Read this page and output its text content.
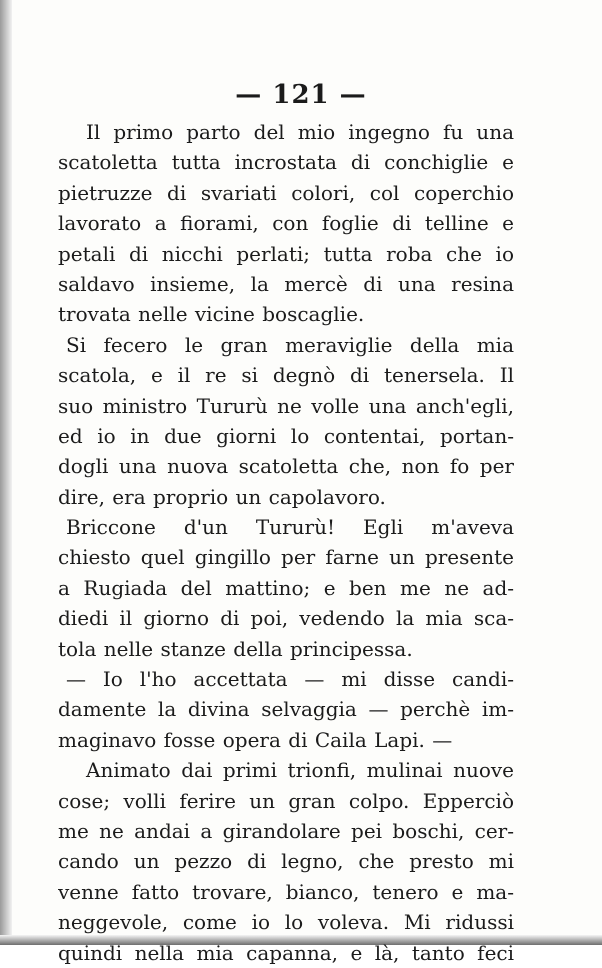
— 121 —
Il primo parto del mio ingegno fu una
scatoletta tutta incrostata di conchiglie e
pietruzze di svariati colori, col coperchio
lavorato a fiorami, con foglie di telline e
petali di nicchi perlati; tutta roba che io
saldavo insieme, la mercè di una resina
trovata nelle vicine boscaglie.
Si fecero le gran meraviglie della mia
scatola, e il re si degnò di tenersela. Il
suo ministro Tururù ne volle una anch'egli,
ed io in due giorni lo contentai, portan-
dogli una nuova scatoletta che, non fo per
dire, era proprio un capolavoro.
Briccone d'un Tururù! Egli m'aveva
chiesto quel gingillo per farne un presente
a Rugiada del mattino; e ben me ne ad-
diedi il giorno di poi, vedendo la mia sca-
tola nelle stanze della principessa.
— Io l'ho accettata — mi disse candi-
damente la divina selvaggia — perchè im-
maginavo fosse opera di Caila Lapi. —
Animato dai primi trionfi, mulinai nuove
cose; volli ferire un gran colpo. Epperciò
me ne andai a girandolare pei boschi, cer-
cando un pezzo di legno, che presto mi
venne fatto trovare, bianco, tenero e ma-
neggevole, come io lo voleva. Mi ridussi
quindi nella mia capanna, e là, tanto feci
